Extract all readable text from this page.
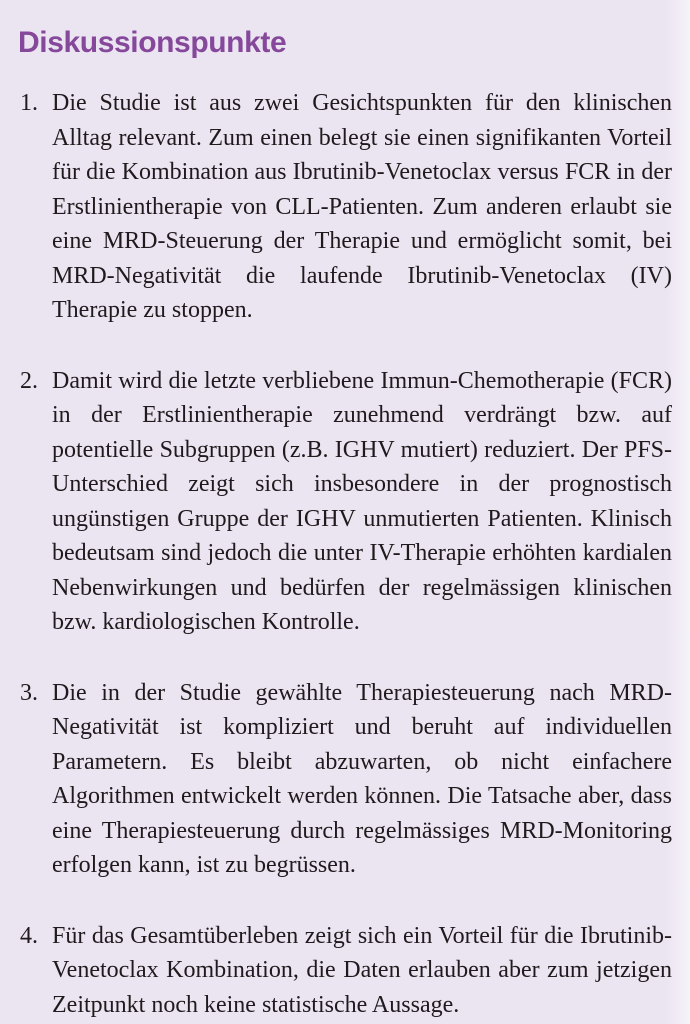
Diskussionspunkte
1. Die Studie ist aus zwei Gesichtspunkten für den klinischen Alltag relevant. Zum einen belegt sie einen signifikanten Vorteil für die Kombination aus Ibrutinib-Venetoclax versus FCR in der Erstlinientherapie von CLL-Patienten. Zum anderen erlaubt sie eine MRD-Steuerung der Therapie und ermöglicht somit, bei MRD-Negativität die laufende Ibrutinib-Venetoclax (IV) Therapie zu stoppen.
2. Damit wird die letzte verbliebene Immun-Chemotherapie (FCR) in der Erstlinientherapie zunehmend verdrängt bzw. auf potentielle Subgruppen (z.B. IGHV mutiert) reduziert. Der PFS-Unterschied zeigt sich insbesondere in der prognostisch ungünstigen Gruppe der IGHV unmutierten Patienten. Klinisch bedeutsam sind jedoch die unter IV-Therapie erhöhten kardialen Nebenwirkungen und bedürfen der regelmässigen klinischen bzw. kardiologischen Kontrolle.
3. Die in der Studie gewählte Therapiesteuerung nach MRD-Negativität ist kompliziert und beruht auf individuellen Parametern. Es bleibt abzuwarten, ob nicht einfachere Algorithmen entwickelt werden können. Die Tatsache aber, dass eine Therapiesteuerung durch regelmässiges MRD-Monitoring erfolgen kann, ist zu begrüssen.
4. Für das Gesamtüberleben zeigt sich ein Vorteil für die Ibrutinib-Venetoclax Kombination, die Daten erlauben aber zum jetzigen Zeitpunkt noch keine statistische Aussage.
